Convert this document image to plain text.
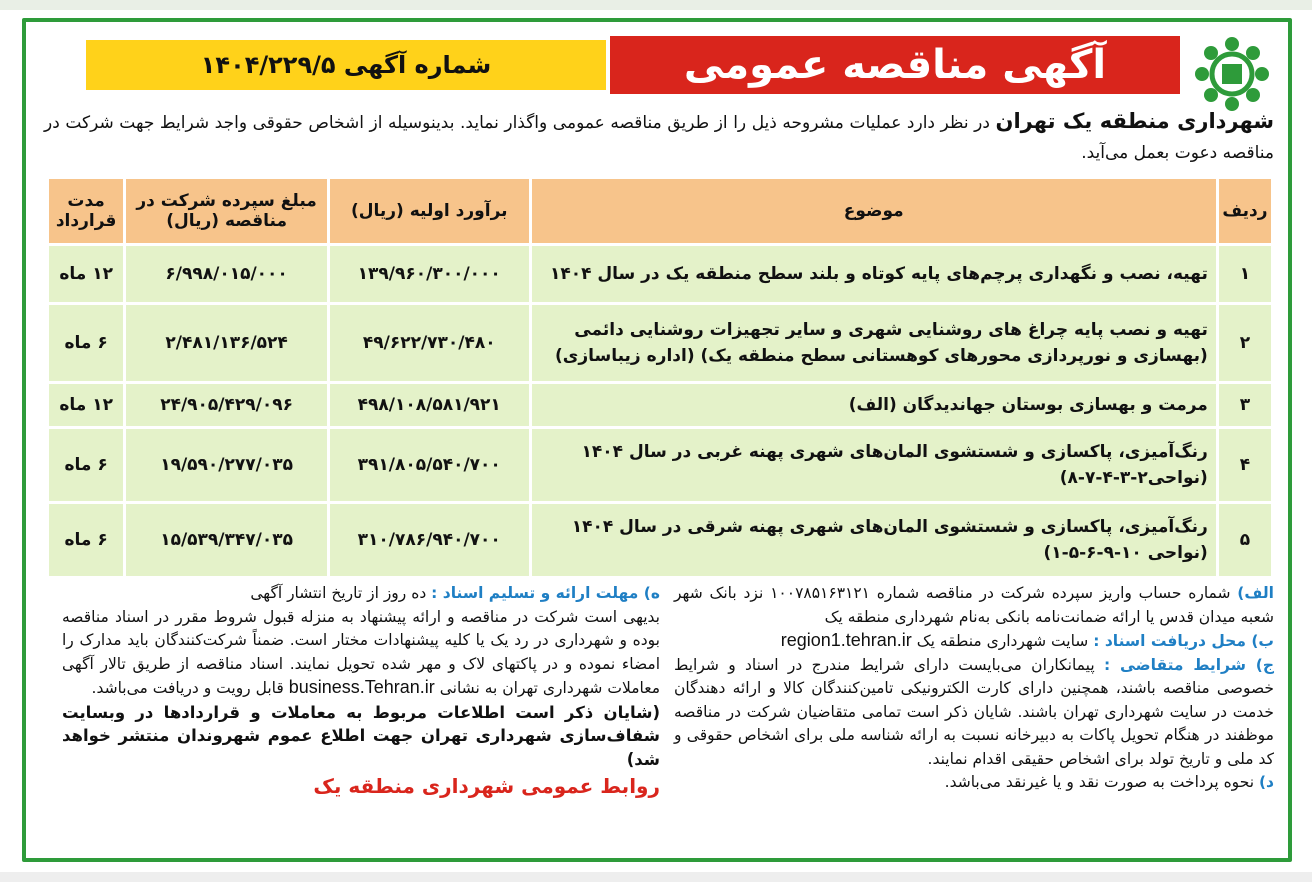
آگهی مناقصه عمومی
شماره آگهی ۱۴۰۴/۲۲۹/۵
شهرداری منطقه یک تهران در نظر دارد عملیات مشروحه ذیل را از طریق مناقصه عمومی واگذار نماید. بدینوسیله از اشخاص حقوقی واجد شرایط جهت شرکت در مناقصه دعوت بعمل می‌آید.
ردیف	موضوع	برآورد اولیه (ریال)	مبلغ سپرده شرکت در مناقصه (ریال)	مدت قرارداد
۱	تهیه، نصب و نگهداری پرچم‌های پایه کوتاه و بلند سطح منطقه یک در سال ۱۴۰۴	۱۳۹/۹۶۰/۳۰۰/۰۰۰	۶/۹۹۸/۰۱۵/۰۰۰	۱۲ ماه
۲	تهیه و نصب پایه چراغ های روشنایی شهری و سایر تجهیزات روشنایی دائمی (بهسازی و نورپردازی محورهای کوهستانی سطح منطقه یک) (اداره زیباسازی)	۴۹/۶۲۲/۷۳۰/۴۸۰	۲/۴۸۱/۱۳۶/۵۲۴	۶ ماه
۳	مرمت و بهسازی بوستان جهاندیدگان (الف)	۴۹۸/۱۰۸/۵۸۱/۹۲۱	۲۴/۹۰۵/۴۲۹/۰۹۶	۱۲ ماه
۴	رنگ‌آمیزی، پاکسازی و شستشوی المان‌های شهری پهنه غربی در سال ۱۴۰۴ (نواحی۲-۳-۴-۷-۸)	۳۹۱/۸۰۵/۵۴۰/۷۰۰	۱۹/۵۹۰/۲۷۷/۰۳۵	۶ ماه
۵	رنگ‌آمیزی، پاکسازی و شستشوی المان‌های شهری پهنه شرقی در سال ۱۴۰۴ (نواحی ۱۰-۹-۶-۵-۱)	۳۱۰/۷۸۶/۹۴۰/۷۰۰	۱۵/۵۳۹/۳۴۷/۰۳۵	۶ ماه
الف) شماره حساب واریز سپرده شرکت در مناقصه شماره ۱۰۰۷۸۵۱۶۳۱۲۱ نزد بانک شهر شعبه میدان قدس یا ارائه ضمانت‌نامه بانکی به‌نام شهرداری منطقه یک
ب) محل دریافت اسناد : سایت شهرداری منطقه یک region1.tehran.ir
ج) شرایط متقاضی : پیمانکاران می‌بایست دارای شرایط مندرج در اسناد و شرایط خصوصی مناقصه باشند، همچنین دارای کارت الکترونیکی تامین‌کنندگان کالا و ارائه دهندگان خدمت در سایت شهرداری تهران باشند. شایان ذکر است تمامی متقاضیان شرکت در مناقصه موظفند در هنگام تحویل پاکات به دبیرخانه نسبت به ارائه شناسه ملی برای اشخاص حقوقی و کد ملی و تاریخ تولد برای اشخاص حقیقی اقدام نمایند.
د) نحوه پرداخت به صورت نقد و یا غیرنقد می‌باشد.
ه) مهلت ارائه و تسلیم اسناد : ده روز از تاریخ انتشار آگهی
بدیهی است شرکت در مناقصه و ارائه پیشنهاد به منزله قبول شروط مقرر در اسناد مناقصه بوده و شهرداری در رد یک یا کلیه پیشنهادات مختار است. ضمناً شرکت‌کنندگان باید مدارک را امضاء نموده و در پاکتهای لاک و مهر شده تحویل نمایند. اسناد مناقصه از طریق تالار آگهی معاملات شهرداری تهران به نشانی business.Tehran.ir قابل رویت و دریافت می‌باشد.
(شایان ذکر است اطلاعات مربوط به معاملات و قراردادها در وبسایت شفاف‌سازی شهرداری تهران جهت اطلاع عموم شهروندان منتشر خواهد شد)
روابط عمومی شهرداری منطقه یک
